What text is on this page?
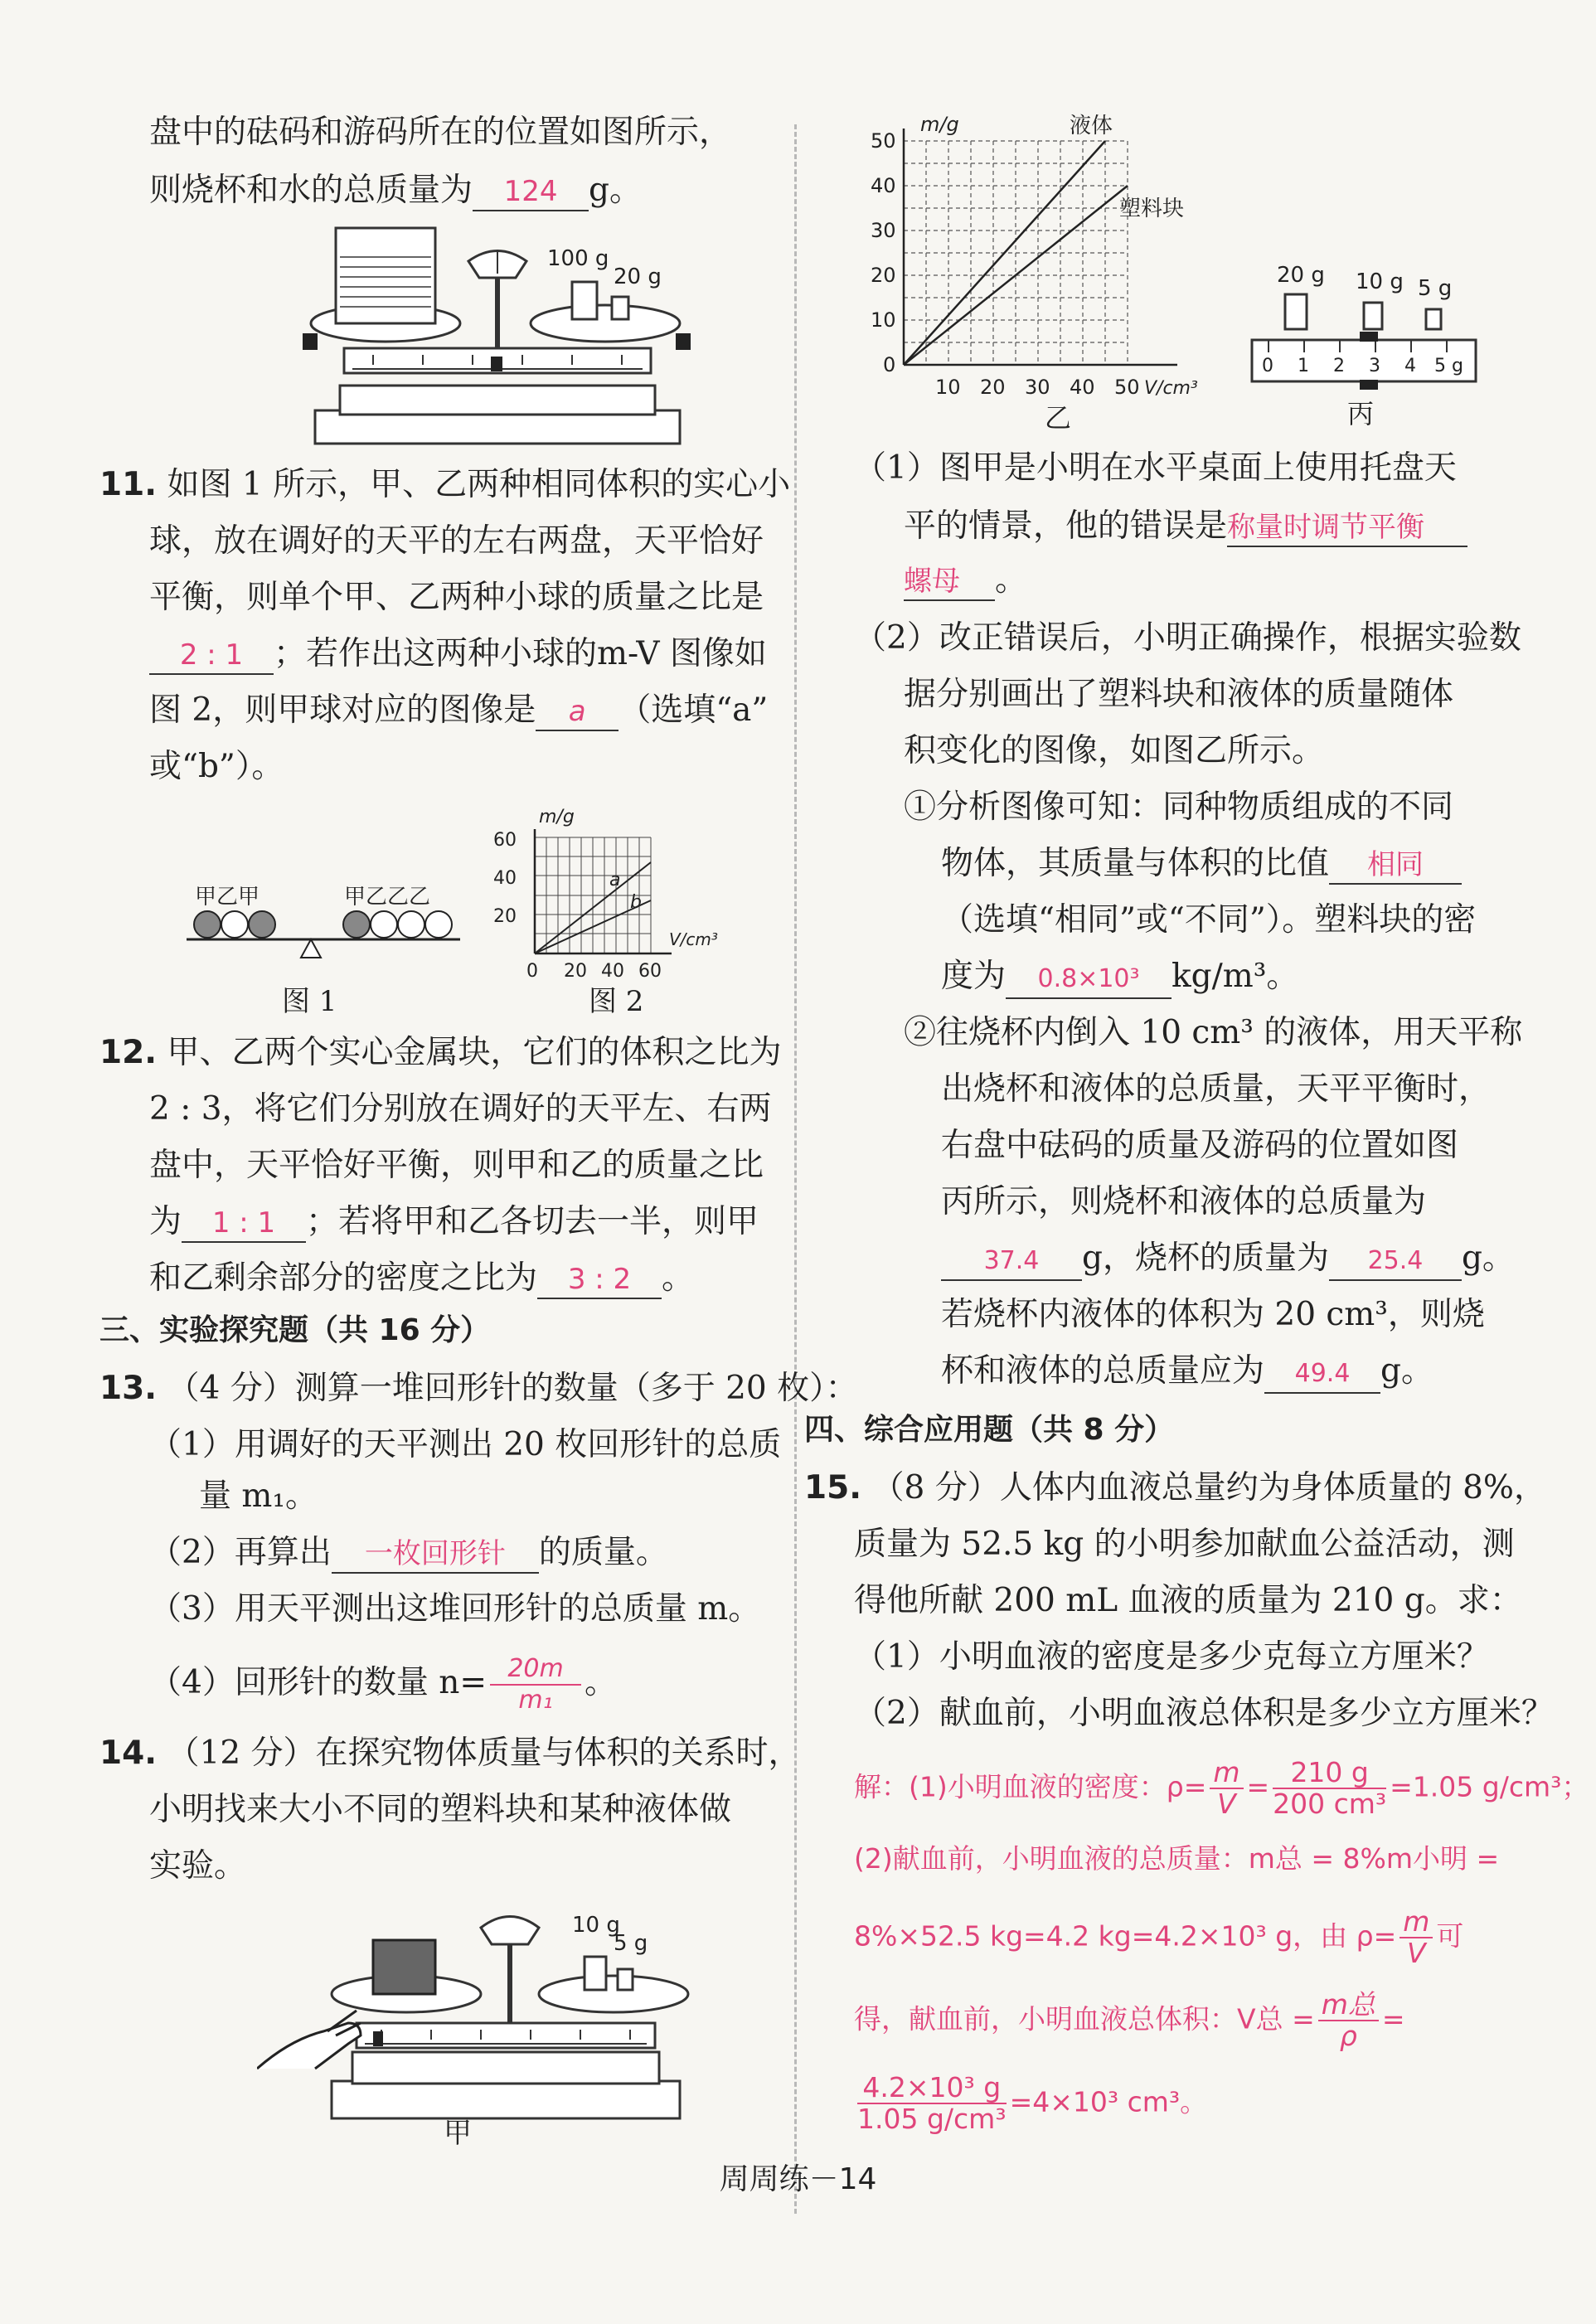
盘中的砝码和游码所在的位置如图所示，
则烧杯和水的总质量为 124 g。
100 g
20 g
11. 如图 1 所示，甲、乙两种相同体积的实心小
球，放在调好的天平的左右两盘，天平恰好
平衡，则单个甲、乙两种小球的质量之比是
2 : 1 ；若作出这两种小球的m-V 图像如
图 2，则甲球对应的图像是 a （选填“a”
或“b”）。
甲乙甲	甲乙乙乙
图 1
m/g
a
b
60
40
20
0 20 40 60
V/cm³
图 2
12. 甲、乙两个实心金属块，它们的体积之比为
2 : 3，将它们分别放在调好的天平左、右两
盘中，天平恰好平衡，则甲和乙的质量之比
为 1 : 1 ；若将甲和乙各切去一半，则甲
和乙剩余部分的密度之比为 3 : 2 。
三、实验探究题（共 16 分）
13. （4 分）测算一堆回形针的数量（多于 20 枚）：
（1）用调好的天平测出 20 枚回形针的总质
量 m₁。
（2）再算出 一枚回形针 的质量。
（3）用天平测出这堆回形针的总质量 m。
（4）回形针的数量 $n= \frac{20m}{\text{m₁}}$ 。
14. （12 分）在探究物体质量与体积的关系时，
小明找来大小不同的塑料块和某种液体做
实验。
10 g
5 g
甲
m/g	液体
塑料块
50
40
30
20
10
0
10 20 30 40 50 V/cm³
乙
20 g 10 g 5 g
0 1 2 3 4 5 g
丙
（1）图甲是小明在水平桌面上使用托盘天
平的情景，他的错误是称量时调节平衡
螺母 。
（2）改正错误后，小明正确操作，根据实验数
据分别画出了塑料块和液体的质量随体
积变化的图像，如图乙所示。
①分析图像可知：同种物质组成的不同
物体，其质量与体积的比值 相同
（选填“相同”或“不同”）。塑料块的密
度为 0.8×10³ kg/m³。
②往烧杯内倒入 10 cm³ 的液体，用天平称
出烧杯和液体的总质量，天平平衡时，
右盘中砝码的质量及游码的位置如图
丙所示，则烧杯和液体的总质量为
37.4 g，烧杯的质量为 25.4 g。
若烧杯内液体的体积为 20 cm³，则烧
杯和液体的总质量应为 49.4 g。
四、综合应用题（共 8 分）
15. （8 分）人体内血液总量约为身体质量的 8%，
质量为 52.5 kg 的小明参加献血公益活动，测
得他所献 200 mL 血液的质量为 210 g。求：
（1）小明血液的密度是多少克每立方厘米？
（2）献血前，小明血液总体积是多少立方厘米？
解：(1)小明血液的密度：$\rho= \frac{m}{V} = \frac{210 g}{\text{200 cm³}} =1.05$ g/cm³；
(2)献血前，小明血液的总质量：m总 = 8%m小明 =
8%×52.5 kg=4.2 kg=4.2×10³ g，由 $\rho= \frac{m}{V}$ 可
得，献血前，小明血液总体积：V总 = $\frac{\text{m总}}{\rho}$ =
$\frac{\text{4.2×10³ g}}{\text{1.05 g/cm³}} =4\times 10^3$ cm³。
周周练－14
